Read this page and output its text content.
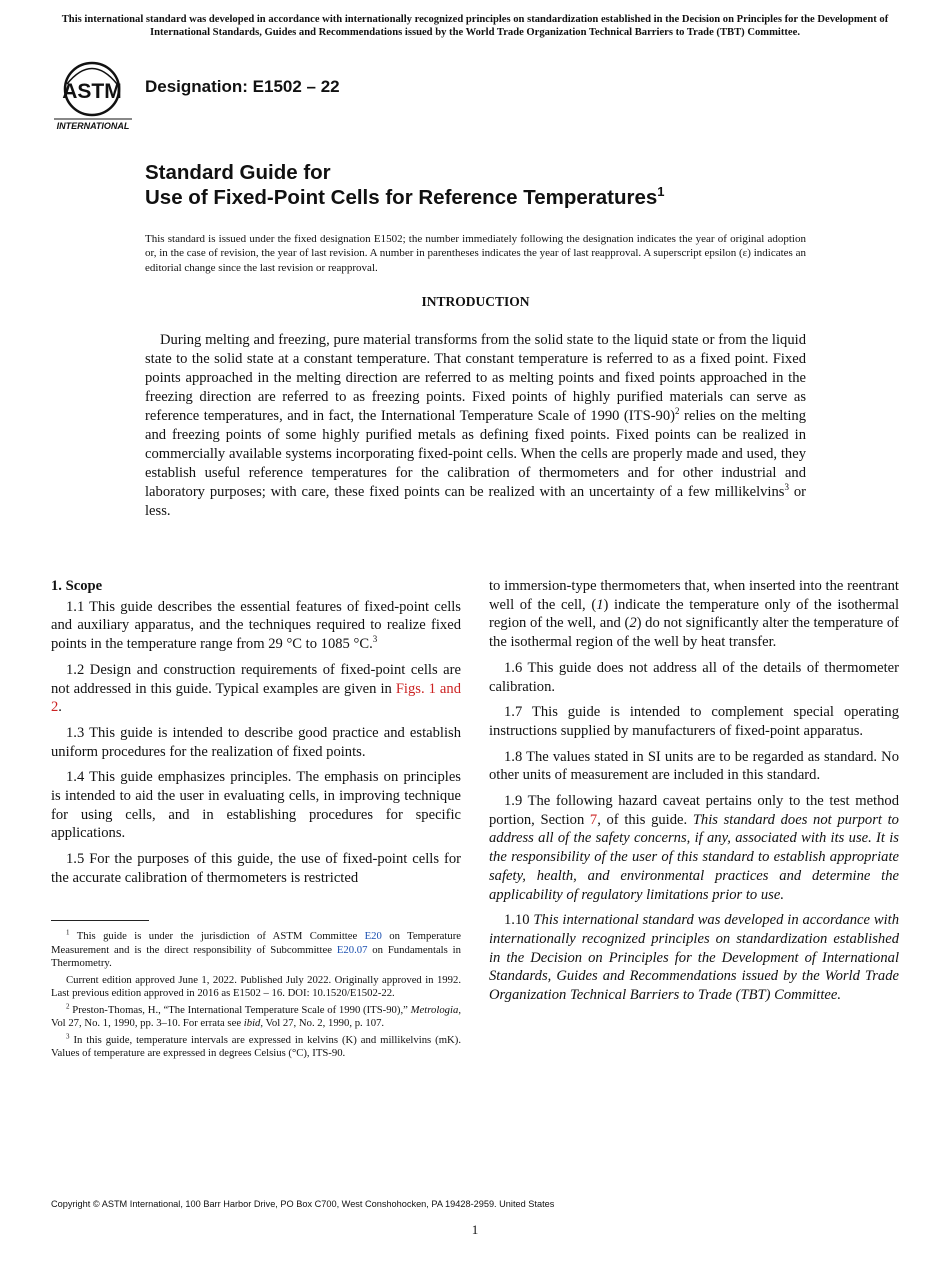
This international standard was developed in accordance with internationally recognized principles on standardization established in the Decision on Principles for the Development of International Standards, Guides and Recommendations issued by the World Trade Organization Technical Barriers to Trade (TBT) Committee.
ASTM
INTERNATIONAL
Designation: E1502 – 22
Standard Guide for
Use of Fixed-Point Cells for Reference Temperatures$^1$
This standard is issued under the fixed designation E1502; the number immediately following the designation indicates the year of original adoption or, in the case of revision, the year of last revision. A number in parentheses indicates the year of last reapproval. A superscript epsilon (ε) indicates an editorial change since the last revision or reapproval.
INTRODUCTION

During melting and freezing, pure material transforms from the solid state to the liquid state or from the liquid state to the solid state at a constant temperature. That constant temperature is referred to as a fixed point. Fixed points approached in the melting direction are referred to as melting points and fixed points approached in the freezing direction are referred to as freezing points. Fixed points of highly purified materials can serve as reference temperatures, and in fact, the International Temperature Scale of 1990 $(ITS-90)^2$ relies on the melting and freezing points of some highly purified metals as defining fixed points. Fixed points can be realized in commercially available systems incorporating fixed-point cells. When the cells are properly made and used, they establish useful reference temperatures for the calibration of thermometers and for other industrial and laboratory purposes; with care, these fixed points can be realized with an uncertainty of a few millikelvins$^3$ or less.

1. Scope

1.1 This guide describes the essential features of fixed-point cells and auxiliary apparatus, and the techniques required to realize fixed points in the temperature range from 29 °C to 1085 °C.$^3$

1.2 Design and construction requirements of fixed-point cells are not addressed in this guide. Typical examples are given in Figs. 1 and 2.

1.3 This guide is intended to describe good practice and establish uniform procedures for the realization of fixed points.

1.4 This guide emphasizes principles. The emphasis on principles is intended to aid the user in evaluating cells, in improving technique for using cells, and in establishing procedures for specific applications.

1.5 For the purposes of this guide, the use of fixed-point cells for the accurate calibration of thermometers is restricted

$^1$ This guide is under the jurisdiction of ASTM Committee E20 on Temperature Measurement and is the direct responsibility of Subcommittee E20.07 on Fundamentals in Thermometry.

Current edition approved June 1, 2022. Published July 2022. Originally approved in 1992. Last previous edition approved in 2016 as E1502 – 16. DOI: 10.1520/E1502-22.

$^2$ Preston-Thomas, H., “The International Temperature Scale of 1990 (ITS-90),” Metrologia, Vol 27, No. 1, 1990, pp. 3–10. For errata see ibid, Vol 27, No. 2, 1990, p. 107.

$^3$ In this guide, temperature intervals are expressed in kelvins (K) and millikelvins (mK). Values of temperature are expressed in degrees Celsius (°C), ITS-90.

to immersion-type thermometers that, when inserted into the reentrant well of the cell, (1) indicate the temperature only of the isothermal region of the well, and (2) do not significantly alter the temperature of the isothermal region of the well by heat transfer.

1.6 This guide does not address all of the details of thermometer calibration.

1.7 This guide is intended to complement special operating instructions supplied by manufacturers of fixed-point apparatus.

1.8 The values stated in SI units are to be regarded as standard. No other units of measurement are included in this standard.

1.9 The following hazard caveat pertains only to the test method portion, Section 7, of this guide. This standard does not purport to address all of the safety concerns, if any, associated with its use. It is the responsibility of the user of this standard to establish appropriate safety, health, and environmental practices and determine the applicability of regulatory limitations prior to use.

1.10 This international standard was developed in accordance with internationally recognized principles on standardization established in the Decision on Principles for the Development of International Standards, Guides and Recommendations issued by the World Trade Organization Technical Barriers to Trade (TBT) Committee.

Copyright © ASTM International, 100 Barr Harbor Drive, PO Box C700, West Conshohocken, PA 19428-2959. United States
1
